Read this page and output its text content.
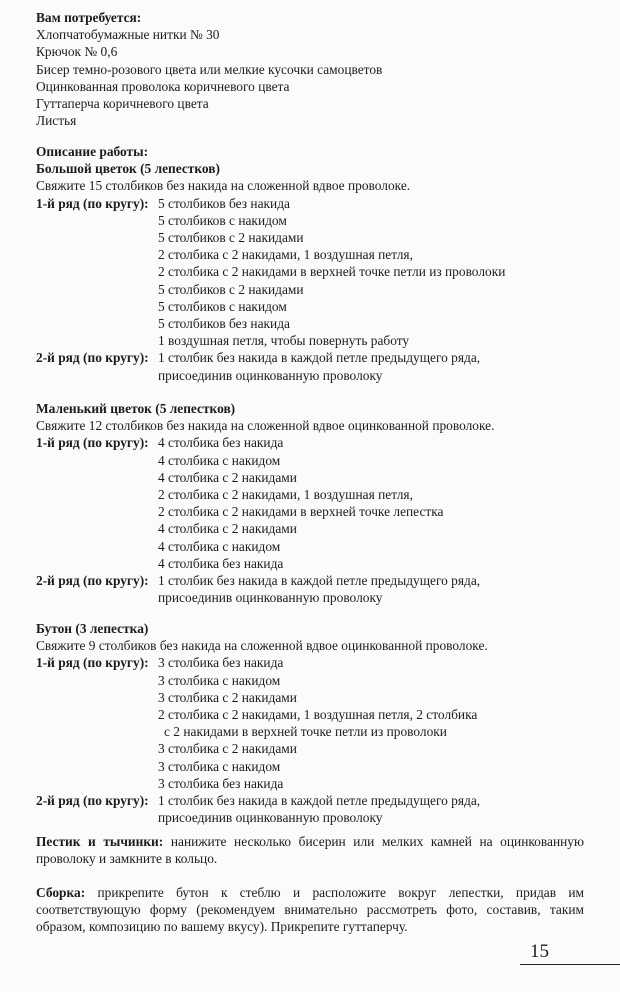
Вам потребуется:
Хлопчатобумажные нитки № 30
Крючок № 0,6
Бисер темно-розового цвета или мелкие кусочки самоцветов
Оцинкованная проволока коричневого цвета
Гуттаперча коричневого цвета
Листья
Описание работы:
Большой цветок (5 лепестков)
Свяжите 15 столбиков без накида на сложенной вдвое проволоке.
1-й ряд (по кругу): 5 столбиков без накида
5 столбиков с накидом
5 столбиков с 2 накидами
2 столбика с 2 накидами, 1 воздушная петля,
2 столбика с 2 накидами в верхней точке петли из проволоки
5 столбиков с 2 накидами
5 столбиков с накидом
5 столбиков без накида
1 воздушная петля, чтобы повернуть работу
2-й ряд (по кругу): 1 столбик без накида в каждой петле предыдущего ряда,
присоединив оцинкованную проволоку
Маленький цветок (5 лепестков)
Свяжите 12 столбиков без накида на сложенной вдвое оцинкованной проволоке.
1-й ряд (по кругу): 4 столбика без накида
4 столбика с накидом
4 столбика с 2 накидами
2 столбика с 2 накидами, 1 воздушная петля,
2 столбика с 2 накидами в верхней точке лепестка
4 столбика с 2 накидами
4 столбика с накидом
4 столбика без накида
2-й ряд (по кругу): 1 столбик без накида в каждой петле предыдущего ряда,
присоединив оцинкованную проволоку
Бутон (3 лепестка)
Свяжите 9 столбиков без накида на сложенной вдвое оцинкованной проволоке.
1-й ряд (по кругу): 3 столбика без накида
3 столбика с накидом
3 столбика с 2 накидами
2 столбика с 2 накидами, 1 воздушная петля, 2 столбика
с 2 накидами в верхней точке петли из проволоки
3 столбика с 2 накидами
3 столбика с накидом
3 столбика без накида
2-й ряд (по кругу): 1 столбик без накида в каждой петле предыдущего ряда,
присоединив оцинкованную проволоку
Пестик и тычинки: нанижите несколько бисерин или мелких камней на оцинкованную проволоку и замкните в кольцо.
Сборка: прикрепите бутон к стеблю и расположите вокруг лепестки, придав им соответствующую форму (рекомендуем внимательно рассмотреть фото, составив, таким образом, композицию по вашему вкусу). Прикрепите гуттаперчу.
15
